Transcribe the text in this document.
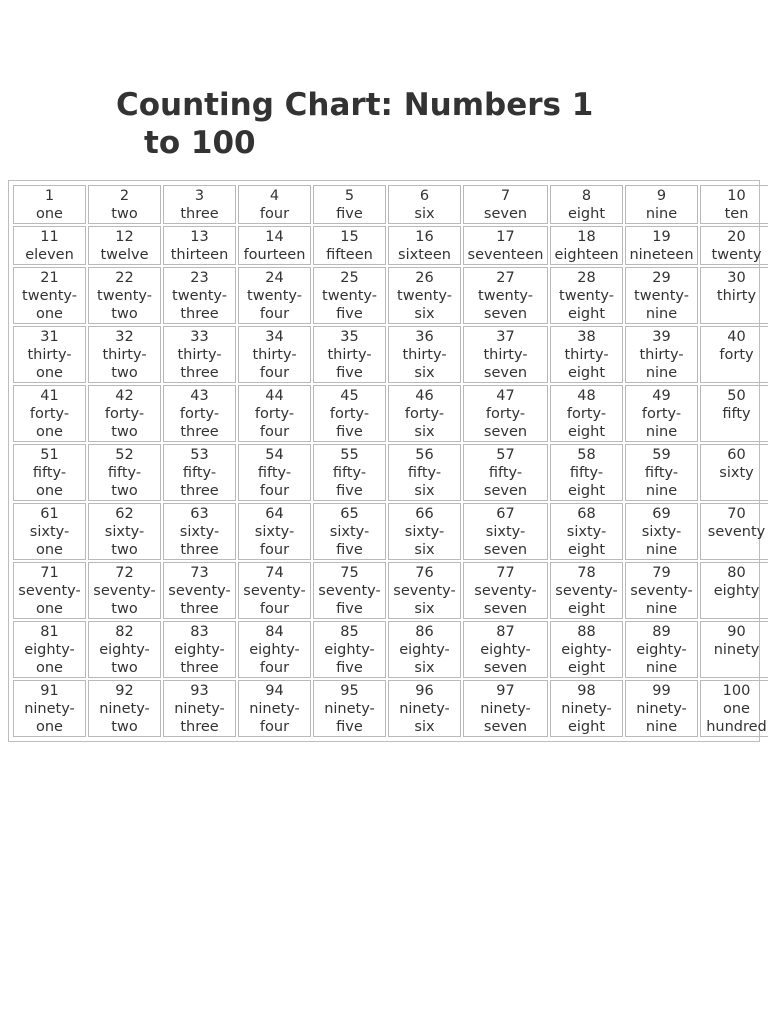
Counting Chart: Numbers 1
to 100
1
one	2
two	3
three	4
four	5
five	6
six	7
seven	8
eight	9
nine	10
ten

11
eleven	12
twelve	13
thirteen	14
fourteen	15
fifteen	16
sixteen	17
seventeen	18
eighteen	19
nineteen	20
twenty

21
twenty-
one	22
twenty-
two	23
twenty-
three	24
twenty-
four	25
twenty-
five	26
twenty-
six	27
twenty-
seven	28
twenty-
eight	29
twenty-
nine	30
thirty

31
thirty-
one	32
thirty-
two	33
thirty-
three	34
thirty-
four	35
thirty-
five	36
thirty-
six	37
thirty-
seven	38
thirty-
eight	39
thirty-
nine	40
forty

41
forty-
one	42
forty-
two	43
forty-
three	44
forty-
four	45
forty-
five	46
forty-
six	47
forty-
seven	48
forty-
eight	49
forty-
nine	50
fifty

51
fifty-
one	52
fifty-
two	53
fifty-
three	54
fifty-
four	55
fifty-
five	56
fifty-
six	57
fifty-
seven	58
fifty-
eight	59
fifty-
nine	60
sixty

61
sixty-
one	62
sixty-
two	63
sixty-
three	64
sixty-
four	65
sixty-
five	66
sixty-
six	67
sixty-
seven	68
sixty-
eight	69
sixty-
nine	70
seventy

71
seventy-
one	72
seventy-
two	73
seventy-
three	74
seventy-
four	75
seventy-
five	76
seventy-
six	77
seventy-
seven	78
seventy-
eight	79
seventy-
nine	80
eighty

81
eighty-
one	82
eighty-
two	83
eighty-
three	84
eighty-
four	85
eighty-
five	86
eighty-
six	87
eighty-
seven	88
eighty-
eight	89
eighty-
nine	90
ninety

91
ninety-
one	92
ninety-
two	93
ninety-
three	94
ninety-
four	95
ninety-
five	96
ninety-
six	97
ninety-
seven	98
ninety-
eight	99
ninety-
nine	100
one
hundred
